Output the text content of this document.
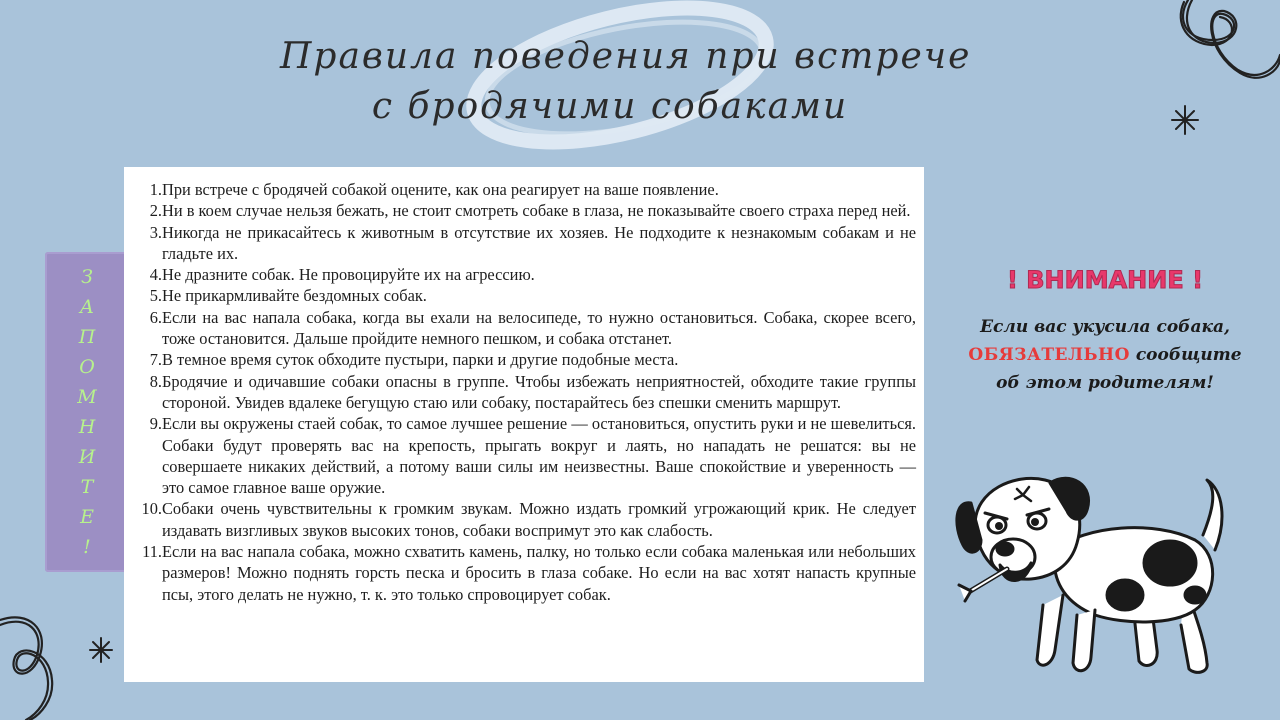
Правила поведения при встрече
с бродячими собаками
З
А
П
О
М
Н
И
Т
Е
!
1. При встрече с бродячей собакой оцените, как она реагирует на ваше появление.
2. Ни в коем случае нельзя бежать, не стоит смотреть собаке в глаза, не показывайте своего страха перед ней.
3. Никогда не прикасайтесь к животным в отсутствие их хозяев. Не подходите к незнакомым собакам и не гладьте их.
4. Не дразните собак. Не провоцируйте их на агрессию.
5. Не прикармливайте бездомных собак.
6. Если на вас напала собака, когда вы ехали на велосипеде, то нужно остановиться. Собака, скорее всего, тоже остановится. Дальше пройдите немного пешком, и собака отстанет.
7. В темное время суток обходите пустыри, парки и другие подобные места.
8. Бродячие и одичавшие собаки опасны в группе. Чтобы избежать неприятностей, обходите такие группы стороной. Увидев вдалеке бегущую стаю или собаку, постарайтесь без спешки сменить маршрут.
9. Если вы окружены стаей собак, то самое лучшее решение — остановиться, опустить руки и не шевелиться. Собаки будут проверять вас на крепость, прыгать вокруг и лаять, но нападать не решатся: вы не совершаете никаких действий, а потому ваши силы им неизвестны. Ваше спокойствие и уверенность — это самое главное ваше оружие.
10. Собаки очень чувствительны к громким звукам. Можно издать громкий угрожающий крик. Не следует издавать визгливых звуков высоких тонов, собаки воспримут это как слабость.
11. Если на вас напала собака, можно схватить камень, палку, но только если собака маленькая или небольших размеров! Можно поднять горсть песка и бросить в глаза собаке. Но если на вас хотят напасть крупные псы, этого делать не нужно, т. к. это только спровоцирует собак.
! ВНИМАНИЕ !
Если вас укусила собака, ОБЯЗАТЕЛЬНО сообщите об этом родителям!
